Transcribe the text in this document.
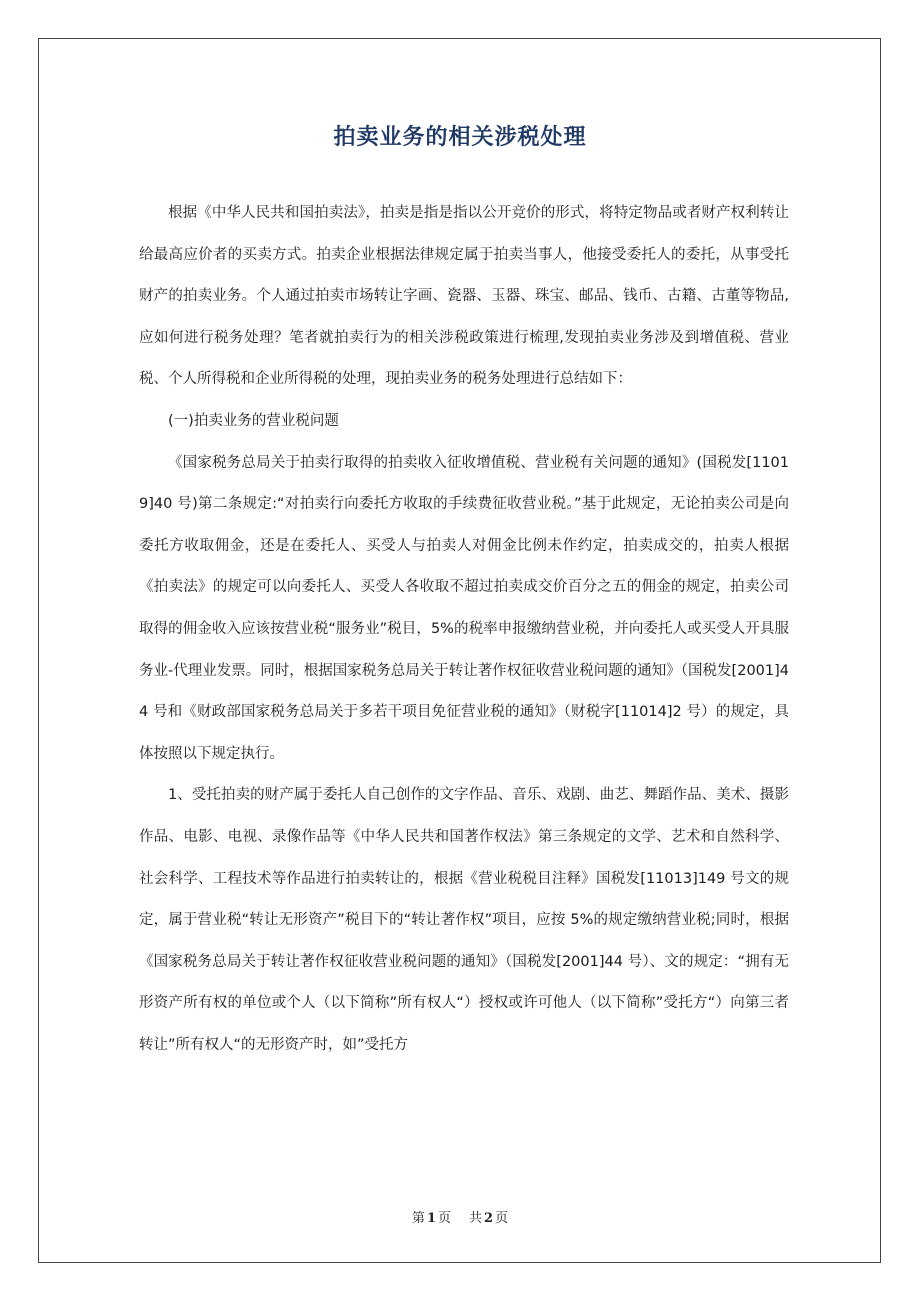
拍卖业务的相关涉税处理

根据《中华人民共和国拍卖法》，拍卖是指是指以公开竞价的形式，将特定物品或者财产权利转让给最高应价者的买卖方式。拍卖企业根据法律规定属于拍卖当事人，他接受委托人的委托，从事受托财产的拍卖业务。个人通过拍卖市场转让字画、瓷器、玉器、珠宝、邮品、钱币、古籍、古董等物品,应如何进行税务处理？笔者就拍卖行为的相关涉税政策进行梳理,发现拍卖业务涉及到增值税、营业税、个人所得税和企业所得税的处理，现拍卖业务的税务处理进行总结如下：

(一)拍卖业务的营业税问题

《国家税务总局关于拍卖行取得的拍卖收入征收增值税、营业税有关问题的通知》(国税发[11019]40 号)第二条规定:“对拍卖行向委托方收取的手续费征收营业税。”基于此规定，无论拍卖公司是向委托方收取佣金，还是在委托人、买受人与拍卖人对佣金比例未作约定，拍卖成交的，拍卖人根据《拍卖法》的规定可以向委托人、买受人各收取不超过拍卖成交价百分之五的佣金的规定，拍卖公司取得的佣金收入应该按营业税“服务业”税目，5%的税率申报缴纳营业税，并向委托人或买受人开具服务业-代理业发票。同时，根据国家税务总局关于转让著作权征收营业税问题的通知》（国税发[2001]44 号和《财政部国家税务总局关于多若干项目免征营业税的通知》（财税字[11014]2 号）的规定，具体按照以下规定执行。

1、受托拍卖的财产属于委托人自己创作的文字作品、音乐、戏剧、曲艺、舞蹈作品、美术、摄影作品、电影、电视、录像作品等《中华人民共和国著作权法》第三条规定的文学、艺术和自然科学、社会科学、工程技术等作品进行拍卖转让的，根据《营业税税目注释》国税发[11013]149 号文的规定，属于营业税“转让无形资产”税目下的“转让著作权”项目，应按 5%的规定缴纳营业税;同时，根据《国家税务总局关于转让著作权征收营业税问题的通知》（国税发[2001]44 号）、文的规定：“拥有无形资产所有权的单位或个人（以下简称”所有权人“）授权或许可他人（以下简称”受托方“）向第三者转让”所有权人“的无形资产时，如”受托方

第 1 页 共 2 页
